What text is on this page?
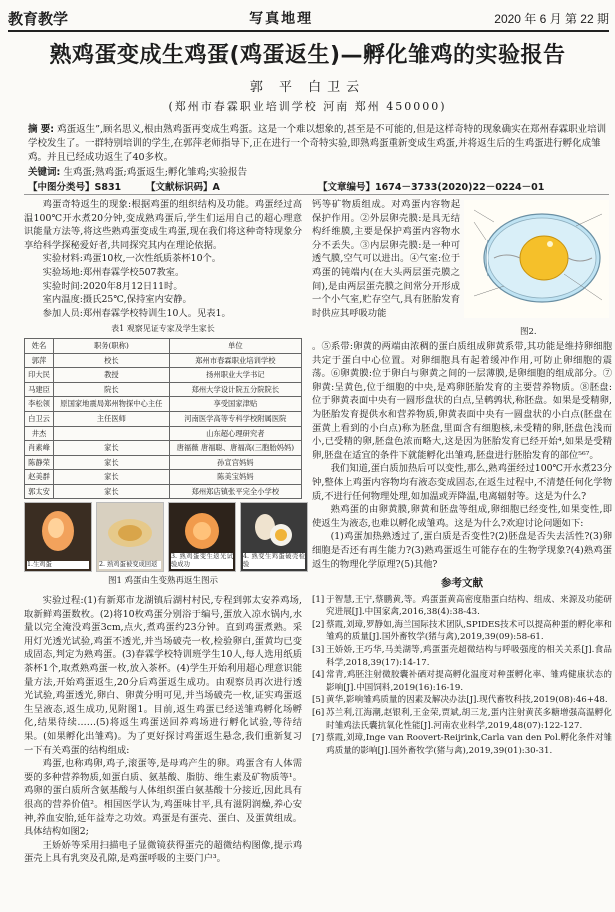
教育教学	写真地理	2020 年 6 月 第 22 期
熟鸡蛋变成生鸡蛋(鸡蛋返生)—孵化雏鸡的实验报告
郭 平 白卫云
(郑州市春霖职业培训学校 河南 郑州 450000)
摘 要: 鸡蛋返生”,顾名思义,根由熟鸡蛋再变成生鸡蛋。这是一个难以想象的,甚至是不可能的,但是这样奇特的现象确实在郑州春霖职业培训学校发生了。一群特别培训的学生,在郭萍老师指导下,正在进行一个奇特实验,即熟鸡蛋重新变成生鸡蛋,并将返生后的生鸡蛋进行孵化成雏鸡。并且已经成功返生了40多枚。
关键词: 生鸡蛋;熟鸡蛋;鸡蛋返生;孵化雏鸡;实验报告
【中图分类号】S831	【文献标识码】A	【文章编号】1674－3733(2020)22－0224－01

鸡蛋奇特返生的现象:根据鸡蛋的组织结构及功能。鸡蛋经过高温100℃开水煮20分钟,变成熟鸡蛋后,学生们运用自己的超心理意识能量方法等,将这些熟鸡蛋变成生鸡蛋,现在我们将这种奇特现象分享给科学探秘爱好者,共同探究其内在理论依据。

实验材料:鸡蛋10枚,一次性纸质茶杯10个。

实验场地:郑州春霖学校507教室。

实验时间:2020年8月12日11时。

室内温度:摄氏25℃,保持室内安静。

参加人员:郑州春霖学校特训生10人。见表1。

表1 观察见证专家及学生家长
姓名	职务(职称)	单位
郭萍	校长	郑州市春霖职业培训学校
印大民	教授	扬州职业大学书记
马建臣	院长	郑州大学设计院五分院院长
李松领	原国家地震局郑州物探中心主任	享受国家津贴
白卫云	主任医师	河南医学高等专科学校附属医院
井杰		山东超心理研究者
肖素峰	家长	唐福薇 唐福聪、唐福高(三胞胎妈妈)
陈静荣	家长	孙宣宫妈妈
赵美群	家长	陈美宝妈妈
郭太安	家长	郑州郑店镇张平完全小学校
1.生鸡蛋	2. 熟鸡蛋被变成回返
3. 熟鸡蛋变生返光试验成功
4. 熟变生鸡蛋破壳检验
图1 鸡蛋由生变熟再返生图示

实验过程:(1)有新郑市龙湖镇后湖村村民,专程到郭太安养鸡场,取新鲜鸡蛋数枚。(2)将10枚鸡蛋分别浴于编号,蛋放入凉水锅内,水量以完全淹没鸡蛋3cm,点火,煮鸡蛋约23分钟。直到鸡蛋煮熟。采用灯光透光试验,鸡蛋不透光,并当场破壳一枚,检验卵白,蛋黄均已变成固态,判定为熟鸡蛋。(3)春霖学校特训班学生10人,每人选用纸质茶杯1个,取煮熟鸡蛋一枚,放入茶杯。(4)学生开始利用超心理意识能量方法,开始鸡蛋返生,20分后鸡蛋返生成功。由观察员再次进行透光试验,鸡蛋透光,卵白、卵黄分明可见,并当场破壳一枚,证实鸡蛋返生呈液态,返生成功,见附图1。目前,返生鸡蛋已经送雏鸡孵化场孵化,结果待续……(5)将返生鸡蛋送回养鸡场进行孵化试验,等待结果。(如果孵化出雏鸡)。为了更好探讨鸡蛋返生悬念,我们重新复习一下有关鸡蛋的结构组成:

鸡蛋,也称鸡卵,鸡子,滚蛋等,是母鸡产生的卵。鸡蛋含有人体需要的多种营养物质,如蛋白质、氨基酸、脂肪、维生素及矿物质等¹。鸡卵的蛋白质所含氨基酸与人体组织蛋白氨基酸十分接近,因此具有很高的营养价值²。相国医学认为,鸡蛋味甘平,具有滋阴润燥,养心安神,养血安胎,延年益寿之功效。鸡蛋是有蛋壳、蛋白、及蛋黄组成。具体结构如图2;

王娇娇等采用扫描电子显微镜获得蛋壳的超微结构图像,提示鸡蛋壳上具有乳突及孔隙,是鸡蛋呼吸的主要门户³。

钙等矿物质组成。对鸡蛋内容物起保护作用。②外层卵壳膜:是具无结构纤维膜,主要是保护鸡蛋内容物水分不丢失。③内层卵壳膜:是一种可透气膜,空气可以进出。④气室:位于鸡蛋的钝端内(在大头两层蛋壳膜之间),是由两层蛋壳膜之间常分开形成一个小气室,贮存空气,具有胚胎发育时供应其呼吸功能

图2.

。⑤系带:卵黄的两端由浓稠的蛋白质组成卵黄系带,其功能是维持卵细胞共定于蛋白中心位置。对卵细胞具有起着缓冲作用,可防止卵细胞的震荡。⑥卵黄膜:位于卵白与卵黄之间的一层薄膜,是卵细胞的组成部分。⑦卵黄:呈黄色,位于细胞的中央,是鸡卵胚胎发育的主要营养物质。⑧胚盘:位于卵黄表面中央有一圆形盘状的白点,呈鹌鹑状,称胚盘。如果是受精卵,为胚胎发育提供水和营养物质,卵黄表面中央有一圆盘状的小白点(胚盘在蛋黄上看到的小白点)称为胚盘,里面含有细胞核,未受精的卵,胚盘色浅而小,已受精的卵,胚盘色浓而略大,这是因为胚胎发育已经开始⁴,如果是受精卵,胚盘在适宜的条件下就能孵化出雏鸡,胚盘进行胚胎发育的部位⁵⁶⁷。

我们知道,蛋白质加热后可以变性,那么,熟鸡蛋经过100℃开水煮23分钟,整体上鸡蛋内容物均有液态变成固态,在返生过程中,不清楚任何化学物质,不进行任何物理处理,如加温或弄降温,电离辐射等。这是为什么?

熟鸡蛋的由卵黄膜,卵黄和胚盘等组成,卵细胞已经变性,如果变性,即使返生为液态,也难以孵化成雏鸡。这是为什么?欢迎讨论问题如下:

(1)鸡蛋加热熟透过了,蛋白质是否变性?(2)胚盘是否失去活性?(3)卵细胞是否还有再生能力?(3)熟鸡蛋返生可能存在的生物学现象?(4)熟鸡蛋返生的物理化学原理?(5)其他?

参考文献
[1] 于智慧,王宁,蔡鹏黄,等。鸡蛋蛋黄高密度脂蛋白结构、组成、来源及功能研究进展[J].中国家禽,2016,38(4):38-43.
[2] 蔡霞,刘璋,罗静如,海兰国际技术团队,SPIDES技术可以提高种蛋的孵化率和雏鸡的质量[J].国外畜牧学(猪与禽),2019,39(09):58-61.
[3] 王娇娇,王巧华,马美湖等,鸡蛋蛋壳超微结构与呼吸强度的相关关系[J].食品科学,2018,39(17):14-17.
[4] 常青,鸡胚注射微胶囊补硒对提高孵化温度对种蛋孵化率、雏鸡健康状态的影响[J].中国饲料,2019(16):16-19.
[5] 黄华,影响雏鸡质量的因素及解决办法[J].现代畜牧科技,2019(08):46+48.
[6] 苏兰利,江海潮,赵银利,王金荣,贾斌,胡三龙,蛋内注射黄芪多糖增强高温孵化时雏鸡法氏囊抗氧化性能[J].河南农业科学,2019,48(07):122-127.
[7] 蔡霞,刘璋,Inge van Roovert-Reijrink,Carla van den Pol.孵化条件对雏鸡质量的影响[J].国外畜牧学(猪与禽),2019,39(01):30-31.
